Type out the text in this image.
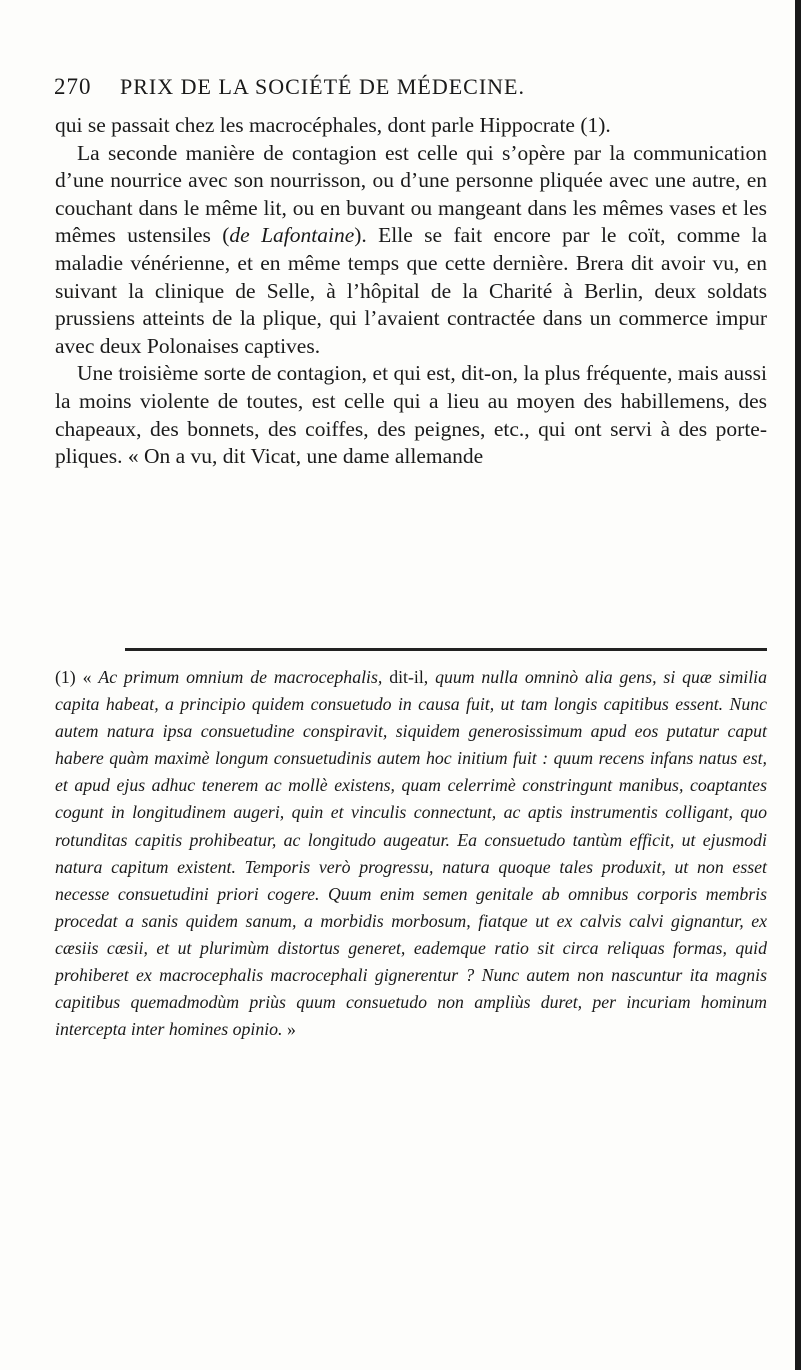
270 PRIX DE LA SOCIÉTÉ DE MÉDECINE.

qui se passait chez les macrocéphales, dont parle Hippocrate (1).

La seconde manière de contagion est celle qui s’opère par la communication d’une nourrice avec son nourrisson, ou d’une personne pliquée avec une autre, en couchant dans le même lit, ou en buvant ou mangeant dans les mêmes vases et les mêmes ustensiles (de Lafontaine). Elle se fait encore par le coït, comme la maladie vénérienne, et en même temps que cette dernière. Brera dit avoir vu, en suivant la clinique de Selle, à l’hôpital de la Charité à Berlin, deux soldats prussiens atteints de la plique, qui l’avaient contractée dans un commerce impur avec deux Polonaises captives.

Une troisième sorte de contagion, et qui est, dit-on, la plus fréquente, mais aussi la moins violente de toutes, est celle qui a lieu au moyen des habillemens, des chapeaux, des bonnets, des coiffes, des peignes, etc., qui ont servi à des porte-pliques. « On a vu, dit Vicat, une dame allemande

(1) « Ac primum omnium de macrocephalis, dit-il, quum nulla omninò alia gens, si quæ similia capita habeat, a principio quidem consuetudo in causa fuit, ut tam longis capitibus essent. Nunc autem natura ipsa consuetudine conspiravit, siquidem generosissimum apud eos putatur caput habere quàm maximè longum consuetudinis autem hoc initium fuit : quum recens infans natus est, et apud ejus adhuc tenerem ac mollè existens, quam celerrimè constringunt manibus, coaptantes cogunt in longitudinem augeri, quin et vinculis connectunt, ac aptis instrumentis colligant, quo rotunditas capitis prohibeatur, ac longitudo augeatur. Ea consuetudo tantùm efficit, ut ejusmodi natura capitum existent. Temporis verò progressu, natura quoque tales produxit, ut non esset necesse consuetudini priori cogere. Quum enim semen genitale ab omnibus corporis membris procedat a sanis quidem sanum, a morbidis morbosum, fiatque ut ex calvis calvi gignantur, ex cæsiis cæsii, et ut plurimùm distortus generet, eademque ratio sit circa reliquas formas, quid prohiberet ex macrocephalis macrocephali gignerentur ? Nunc autem non nascuntur ita magnis capitibus quemadmodùm priùs quum consuetudo non ampliùs duret, per incuriam hominum intercepta inter homines opinio. »
